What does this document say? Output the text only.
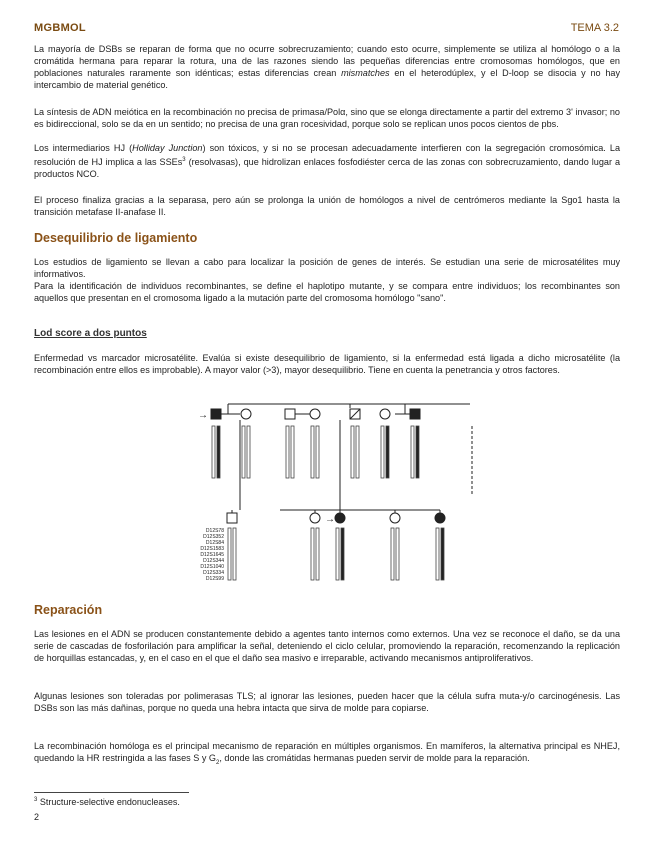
MGBMOL	TEMA 3.2

La mayoría de DSBs se reparan de forma que no ocurre sobrecruzamiento; cuando esto ocurre, simplemente se utiliza al homólogo o a la cromátida hermana para reparar la rotura, una de las razones siendo las pequeñas diferencias entre cromosomas homólogos, que en poblaciones naturales raramente son idénticas; estas diferencias crean mismatches en el heterodúplex, y el D-loop se disocia y no hay intercambio de material genético.

La síntesis de ADN meiótica en la recombinación no precisa de primasa/Polα, sino que se elonga directamente a partir del extremo 3' invasor; no es bidireccional, solo se da en un sentido; no precisa de una gran rocesividad, porque solo se replican unos pocos cientos de pbs.

Los intermediarios HJ (Holliday Junction) son tóxicos, y si no se procesan adecuadamente interfieren con la segregación cromosómica. La resolución de HJ implica a las SSEs$^3$ (resolvasas), que hidrolizan enlaces fosfodiéster cerca de las zonas con sobrecruzamiento, dando lugar a productos NCO.

El proceso finaliza gracias a la separasa, pero aún se prolonga la unión de homólogos a nivel de centrómeros mediante la Sgo1 hasta la transición metafase II-anafase II.

Desequilibrio de ligamiento

Los estudios de ligamiento se llevan a cabo para localizar la posición de genes de interés. Se estudian una serie de microsatélites muy informativos.

Para la identificación de individuos recombinantes, se define el haplotipo mutante, y se compara entre individuos; los recombinantes son aquellos que presentan en el cromosoma ligado a la mutación parte del cromosoma homólogo "sano".

Lod score a dos puntos

Enfermedad vs marcador microsatélite. Evalúa si existe desequilibrio de ligamiento, si la enfermedad está ligada a dicho microsatélite (la recombinación entre ellos es improbable). A mayor valor (>3), mayor desequilibrio. Tiene en cuenta la penetrancia y otros factores.

→
→
D12S78
D12S352
D12S84
D12S1583
D12S1645
D12S344
D12S1040
D12S334
D12S99
Reparación

Las lesiones en el ADN se producen constantemente debido a agentes tanto internos como externos. Una vez se reconoce el daño, se da una serie de cascadas de fosforilación para amplificar la señal, deteniendo el ciclo celular, promoviendo la reparación, recomenzando la replicación de horquillas estancadas, y, en el caso en el que el daño sea masivo e irreparable, activando mecanismos antiproliferativos.

Algunas lesiones son toleradas por polimerasas TLS; al ignorar las lesiones, pueden hacer que la célula sufra muta-y/o carcinogénesis. Las DSBs son las más dañinas, porque no queda una hebra intacta que sirva de molde para copiarse.

La recombinación homóloga es el principal mecanismo de reparación en múltiples organismos. En mamíferos, la alternativa principal es NHEJ, quedando la HR restringida a las fases S y $G_2$, donde las cromátidas hermanas pueden servir de molde para la reparación.

$^3$ Structure-selective endonucleases.
2
